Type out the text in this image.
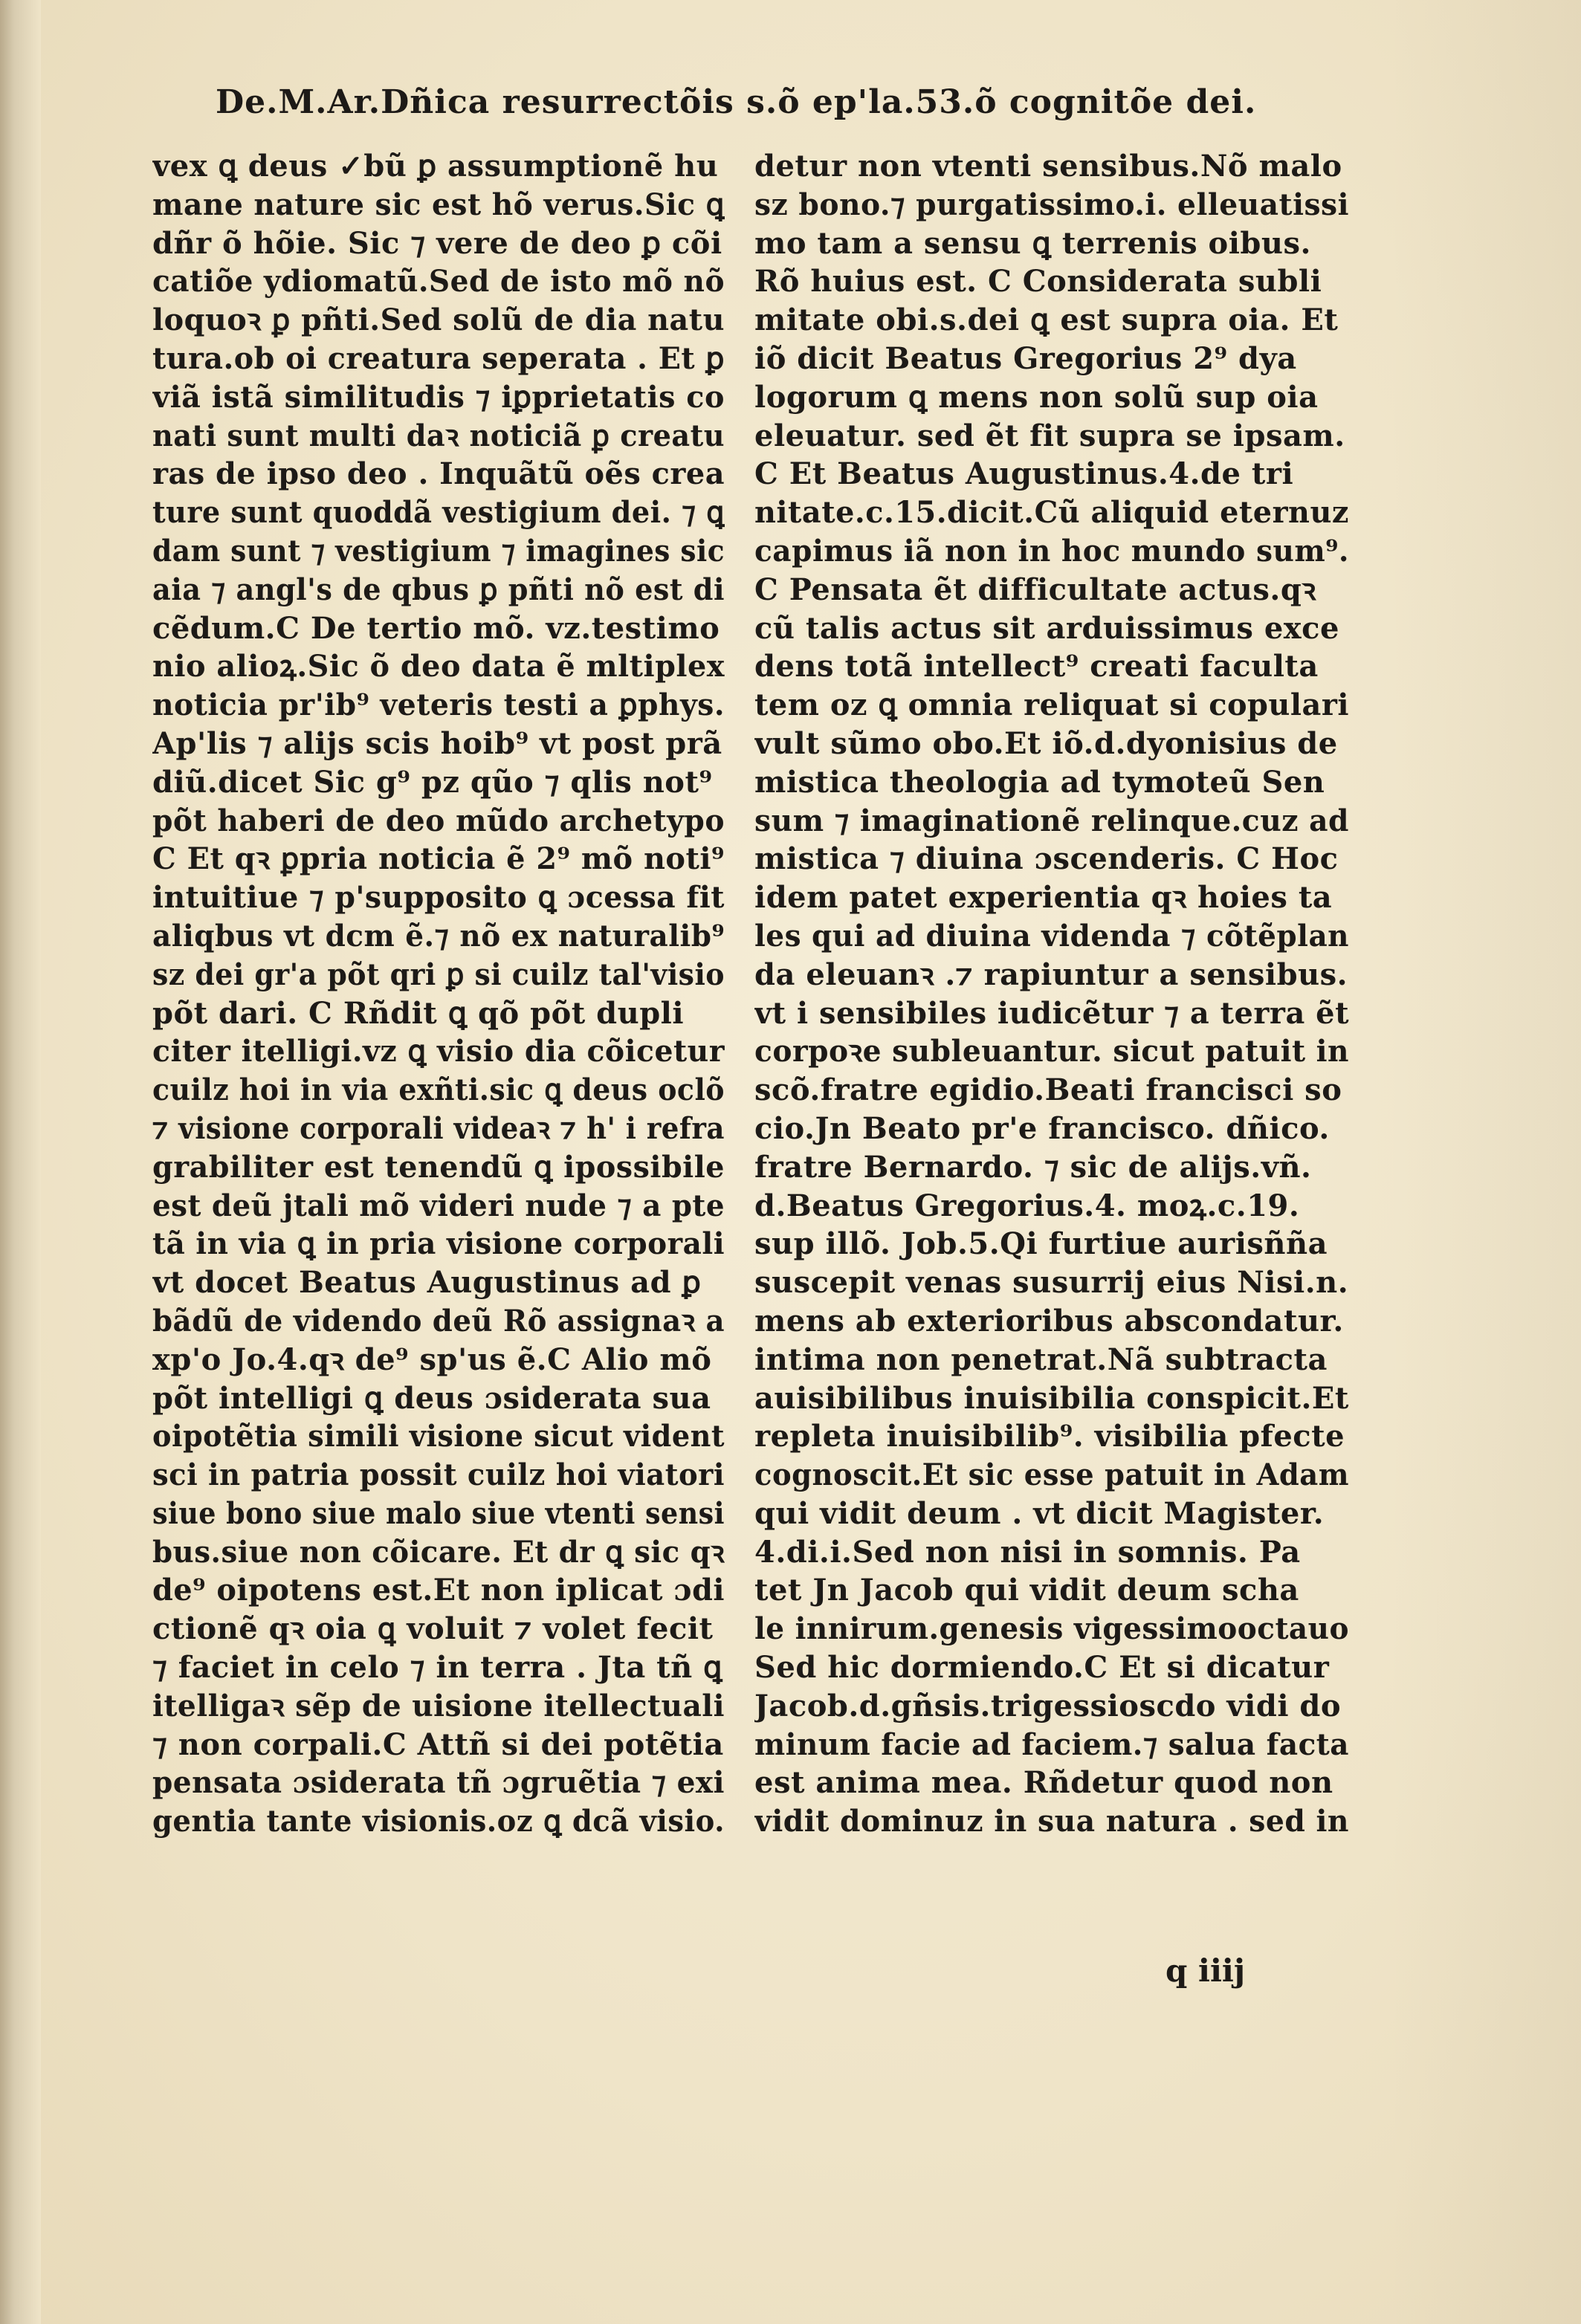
De.M.Ar.Dñica resurrectõis s.õ ep'la.53.õ cognitõe dei.
vex ꝗ deus ✓bũ ꝑ assumptionẽ hu
mane nature sic est hõ verus.Sic ꝗ
dñr õ hõie. Sic ⁊ vere de deo ꝑ cõi
catiõe ydiomatũ.Sed de isto mõ nõ
loquoꝛ ꝑ pñti.Sed solũ de dia natu
tura.ob oi creatura seperata . Et ꝑ
viã istã similitudis ⁊ iꝑprietatis co
nati sunt multi daꝛ noticiã ꝑ creatu
ras de ipso deo . Inquãtũ oẽs crea
ture sunt quoddã vestigium dei. ⁊ ꝗ
dam sunt ⁊ vestigium ⁊ imagines sic
aia ⁊ angl's de qbus ꝑ pñti nõ est di
cẽdum.C De tertio mõ. vz.testimo
nio alioꝝ.Sic õ deo data ẽ mltiplex
noticia pr'ib⁹ veteris testi a ꝑphys.
Ap'lis ⁊ alijs scis hoib⁹ vt post prã
diũ.dicet Sic g⁹ pz qũo ⁊ qlis not⁹
põt haberi de deo mũdo archetypo
C Et qꝛ ꝑpria noticia ẽ 2⁹ mõ noti⁹
intuitiue ⁊ p'supposito ꝗ ɔcessa fit
aliqbus vt dcm ẽ.⁊ nõ ex naturalib⁹
sz dei gr'a põt qri ꝑ si cuilz tal'visio
põt dari. C Rñdit ꝗ qõ põt dupli
citer itelligi.vz ꝗ visio dia cõicetur
cuilz hoi in via exñti.sic ꝗ deus oclõ
⁊ visione corporali videaꝛ ⁊ h' i refra
grabiliter est tenendũ ꝗ ipossibile
est deũ jtali mõ videri nude ⁊ a pte
tã in via ꝗ in pria visione corporali
vt docet Beatus Augustinus ad ꝑ
bãdũ de videndo deũ Rõ assignaꝛ a
xp'o Jo.4.qꝛ de⁹ sp'us ẽ.C Alio mõ
põt intelligi ꝗ deus ɔsiderata sua
oipotẽtia simili visione sicut vident
sci in patria possit cuilz hoi viatori
siue bono siue malo siue vtenti sensi
bus.siue non cõicare. Et dr ꝗ sic qꝛ
de⁹ oipotens est.Et non iplicat ɔdi
ctionẽ qꝛ oia ꝗ voluit ⁊ volet fecit
⁊ faciet in celo ⁊ in terra . Jta tñ ꝗ
itelligaꝛ sẽp de uisione itellectuali
⁊ non corpali.C Attñ si dei potẽtia
pensata ɔsiderata tñ ɔgruẽtia ⁊ exi
gentia tante visionis.oz ꝗ dcã visio.
detur non vtenti sensibus.Nõ malo
sz bono.⁊ purgatissimo.i. elleuatissi
mo tam a sensu ꝗ terrenis oibus.
Rõ huius est. C Considerata subli
mitate obi.s.dei ꝗ est supra oia. Et
iõ dicit Beatus Gregorius 2⁹ dya
logorum ꝗ mens non solũ sup oia
eleuatur. sed ẽt fit supra se ipsam.
C Et Beatus Augustinus.4.de tri
nitate.c.15.dicit.Cũ aliquid eternuz
capimus iã non in hoc mundo sum⁹.
C Pensata ẽt difficultate actus.qꝛ
cũ talis actus sit arduissimus exce
dens totã intellect⁹ creati faculta
tem oz ꝗ omnia reliquat si copulari
vult sũmo obo.Et iõ.d.dyonisius de
mistica theologia ad tymoteũ Sen
sum ⁊ imaginationẽ relinque.cuz ad
mistica ⁊ diuina ɔscenderis. C Hoc
idem patet experientia qꝛ hoies ta
les qui ad diuina videnda ⁊ cõtẽplan
da eleuanꝛ .⁊ rapiuntur a sensibus.
vt i sensibiles iudicẽtur ⁊ a terra ẽt
corpoꝛe subleuantur. sicut patuit in
scõ.fratre egidio.Beati francisci so
cio.Jn Beato pr'e francisco. dñico.
fratre Bernardo. ⁊ sic de alijs.vñ.
d.Beatus Gregorius.4. moꝝ.c.19.
sup illõ. Job.5.Qi furtiue aurisñña
suscepit venas susurrij eius Nisi.n.
mens ab exterioribus abscondatur.
intima non penetrat.Nã subtracta
auisibilibus inuisibilia conspicit.Et
repleta inuisibilib⁹. visibilia pfecte
cognoscit.Et sic esse patuit in Adam
qui vidit deum . vt dicit Magister.
4.di.i.Sed non nisi in somnis. Pa
tet Jn Jacob qui vidit deum scha
le innirum.genesis vigessimooctauo
Sed hic dormiendo.C Et si dicatur
Jacob.d.gñsis.trigessioscdo vidi do
minum facie ad faciem.⁊ salua facta
est anima mea. Rñdetur quod non
vidit dominuz in sua natura . sed in
q iiij
